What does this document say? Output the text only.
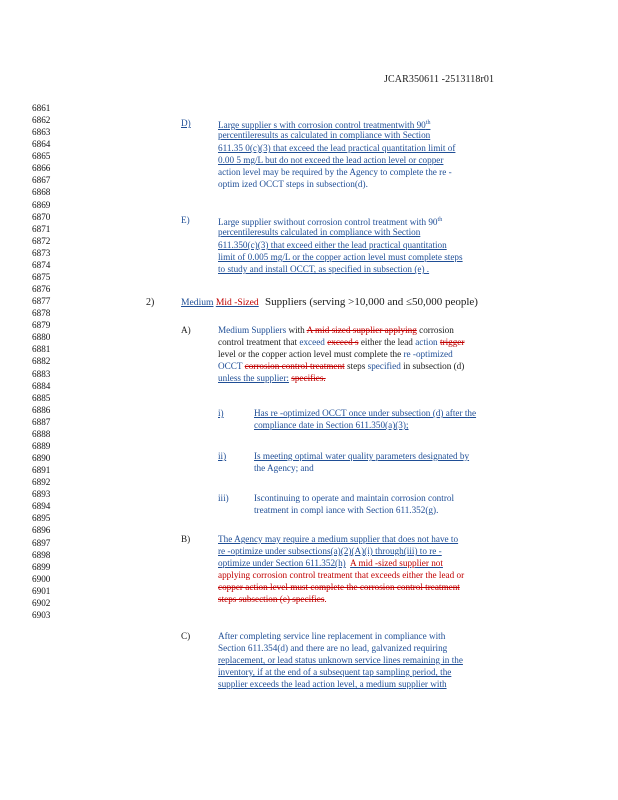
JCAR350611 -2513118r01
6861
6862
6863
6864
6865
6866
6867
6868
6869
6870
6871
6872
6873
6874
6875
6876
6877
6878
6879
6880
6881
6882
6883
6884
6885
6886
6887
6888
6889
6890
6891
6892
6893
6894
6895
6896
6897
6898
6899
6900
6901
6902
6903
D)	Large supplier s with corrosion control treatmentwith 90th
percentileresults as calculated in compliance with Section
611.35 0(c)(3) that exceed the lead practical quantitation limit of
0.00 5 mg/L but do not exceed the lead action level or copper
action level may be required by the Agency to complete the re -
optim ized OCCT steps in subsection(d).
E)	Large supplier swithout corrosion control treatment with 90th
percentileresults calculated in compliance with Section
611.350(c)(3) that exceed either the lead practical quantitation
limit of 0.005 mg/L or the copper action level must complete steps
to study and install OCCT, as specified in subsection (e) .
2)	Medium Mid -Sized Suppliers (serving >10,000 and ≤50,000 people)
A)	Medium Suppliers with A mid sized supplier applying corrosion
control treatment that exceed exceed s either the lead action trigger
level or the copper action level must complete the re -optimized
OCCT corrosion control treatment steps specified in subsection (d)
unless the supplier: specifies.
i)	Has re -optimized OCCT once under subsection (d) after the
compliance date in Section 611.350(a)(3);
ii)	Is meeting optimal water quality parameters designated by
the Agency; and
iii)	Iscontinuing to operate and maintain corrosion control
treatment in compl iance with Section 611.352(g).
B)	The Agency may require a medium supplier that does not have to
re -optimize under subsections(a)(2)(A)(i) through(iii) to re -
optimize under Section 611.352(h) A mid -sized supplier not
applying corrosion control treatment that exceeds either the lead or
copper action level must complete the corrosion control treatment
steps subsection (e) specifies.
C)	After completing service line replacement in compliance with
Section 611.354(d) and there are no lead, galvanized requiring
replacement, or lead status unknown service lines remaining in the
inventory, if at the end of a subsequent tap sampling period, the
supplier exceeds the lead action level, a medium supplier with
